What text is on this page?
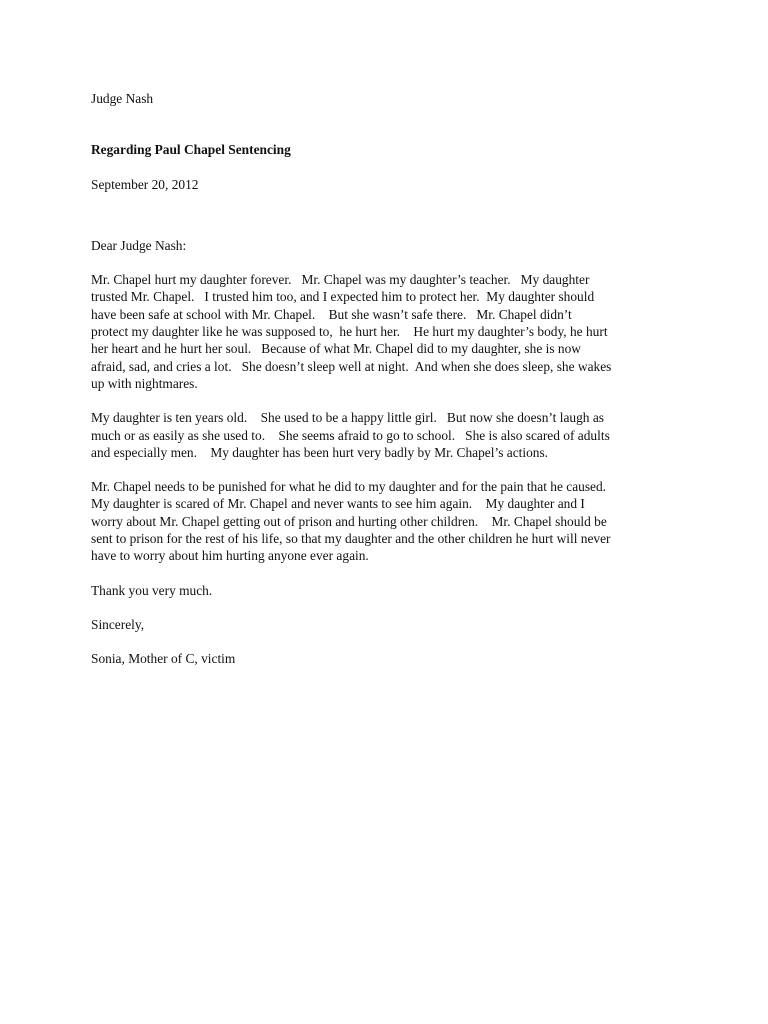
Judge Nash
Regarding Paul Chapel Sentencing
September 20, 2012
Dear Judge Nash:
Mr. Chapel hurt my daughter forever.   Mr. Chapel was my daughter’s teacher.   My daughter
trusted Mr. Chapel.   I trusted him too, and I expected him to protect her.  My daughter should
have been safe at school with Mr. Chapel.    But she wasn’t safe there.   Mr. Chapel didn’t
protect my daughter like he was supposed to,  he hurt her.    He hurt my daughter’s body, he hurt
her heart and he hurt her soul.   Because of what Mr. Chapel did to my daughter, she is now
afraid, sad, and cries a lot.   She doesn’t sleep well at night.  And when she does sleep, she wakes
up with nightmares.
My daughter is ten years old.    She used to be a happy little girl.   But now she doesn’t laugh as
much or as easily as she used to.    She seems afraid to go to school.   She is also scared of adults
and especially men.    My daughter has been hurt very badly by Mr. Chapel’s actions.
Mr. Chapel needs to be punished for what he did to my daughter and for the pain that he caused.
My daughter is scared of Mr. Chapel and never wants to see him again.    My daughter and I
worry about Mr. Chapel getting out of prison and hurting other children.    Mr. Chapel should be
sent to prison for the rest of his life, so that my daughter and the other children he hurt will never
have to worry about him hurting anyone ever again.
Thank you very much.
Sincerely,
Sonia, Mother of C, victim
